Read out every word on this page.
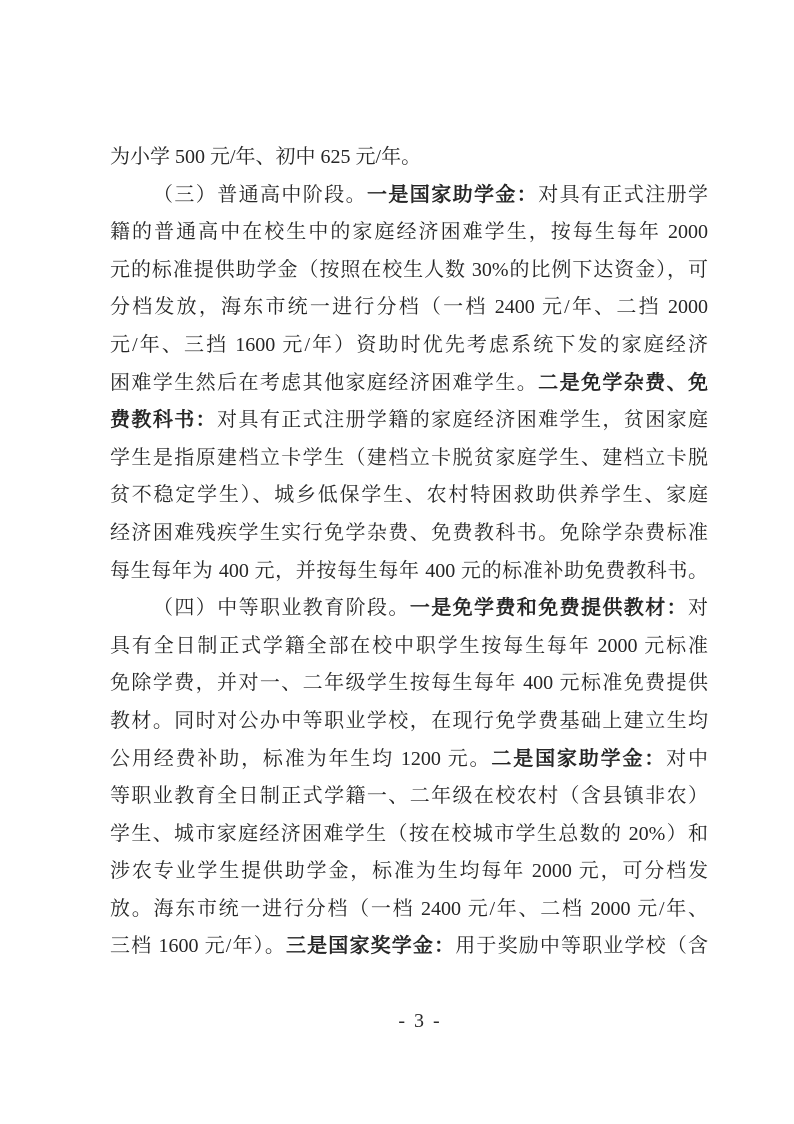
为小学 500 元/年、初中 625 元/年。
（三）普通高中阶段。一是国家助学金：对具有正式注册学
籍的普通高中在校生中的家庭经济困难学生，按每生每年 2000
元的标准提供助学金（按照在校生人数 30%的比例下达资金），可
分档发放，海东市统一进行分档（一档 2400 元/年、二挡 2000
元/年、三挡 1600 元/年）资助时优先考虑系统下发的家庭经济
困难学生然后在考虑其他家庭经济困难学生。二是免学杂费、免
费教科书：对具有正式注册学籍的家庭经济困难学生，贫困家庭
学生是指原建档立卡学生（建档立卡脱贫家庭学生、建档立卡脱
贫不稳定学生）、城乡低保学生、农村特困救助供养学生、家庭
经济困难残疾学生实行免学杂费、免费教科书。免除学杂费标准
每生每年为 400 元，并按每生每年 400 元的标准补助免费教科书。
（四）中等职业教育阶段。一是免学费和免费提供教材：对
具有全日制正式学籍全部在校中职学生按每生每年 2000 元标准
免除学费，并对一、二年级学生按每生每年 400 元标准免费提供
教材。同时对公办中等职业学校，在现行免学费基础上建立生均
公用经费补助，标准为年生均 1200 元。二是国家助学金：对中
等职业教育全日制正式学籍一、二年级在校农村（含县镇非农）
学生、城市家庭经济困难学生（按在校城市学生总数的 20%）和
涉农专业学生提供助学金，标准为生均每年 2000 元，可分档发
放。海东市统一进行分档（一档 2400 元/年、二档 2000 元/年、
三档 1600 元/年）。三是国家奖学金：用于奖励中等职业学校（含
- 3 -
